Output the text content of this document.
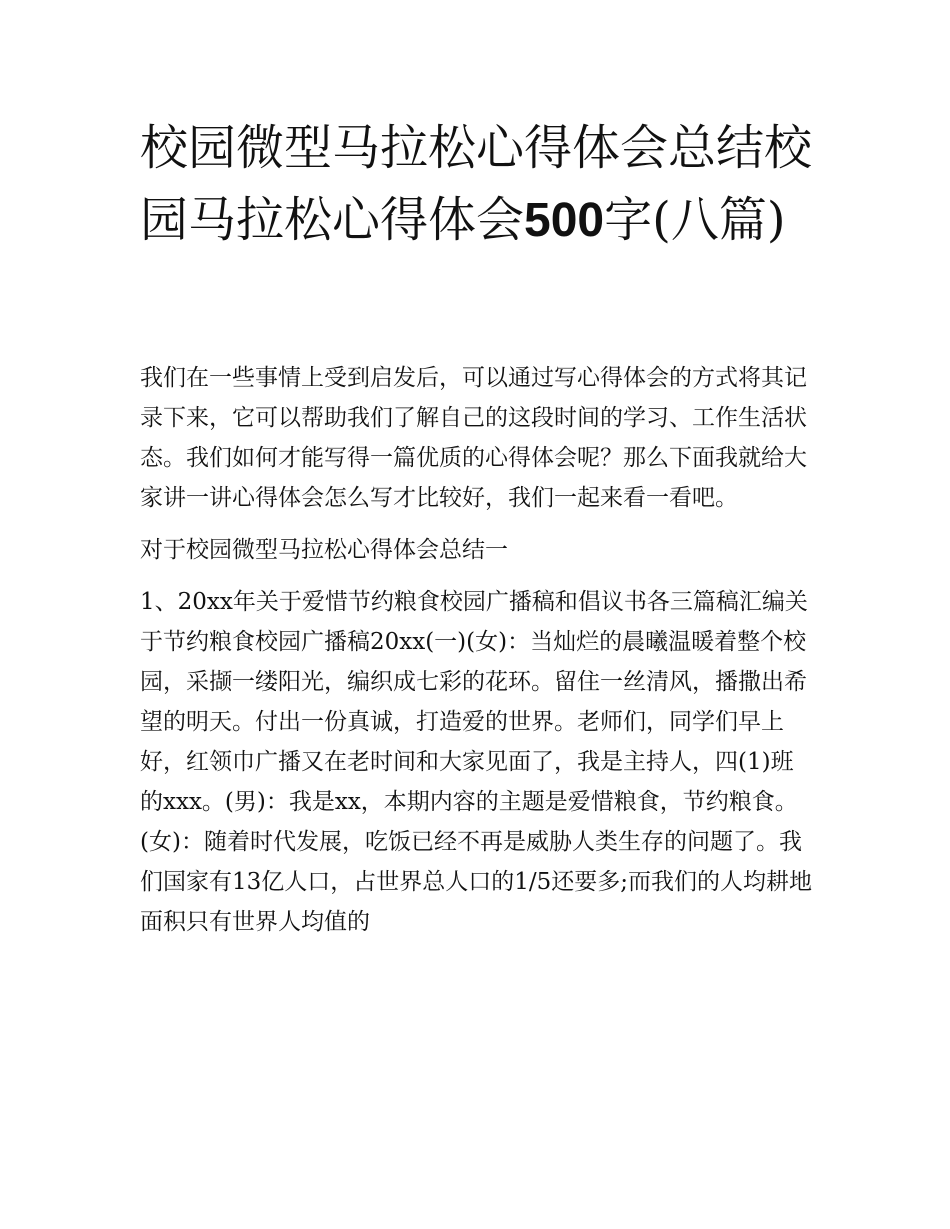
校园微型马拉松心得体会总结校园马拉松心得体会500字(八篇)

我们在一些事情上受到启发后，可以通过写心得体会的方式将其记录下来，它可以帮助我们了解自己的这段时间的学习、工作生活状态。我们如何才能写得一篇优质的心得体会呢？那么下面我就给大家讲一讲心得体会怎么写才比较好，我们一起来看一看吧。

对于校园微型马拉松心得体会总结一

1、20xx年关于爱惜节约粮食校园广播稿和倡议书各三篇稿汇编关于节约粮食校园广播稿20xx(一)(女)：当灿烂的晨曦温暖着整个校园，采撷一缕阳光，编织成七彩的花环。留住一丝清风，播撒出希望的明天。付出一份真诚，打造爱的世界。老师们，同学们早上好，红领巾广播又在老时间和大家见面了，我是主持人，四(1)班的xxx。(男)：我是xx，本期内容的主题是爱惜粮食，节约粮食。(女)：随着时代发展，吃饭已经不再是威胁人类生存的问题了。我们国家有13亿人口，占世界总人口的1/5还要多;而我们的人均耕地面积只有世界人均值的
